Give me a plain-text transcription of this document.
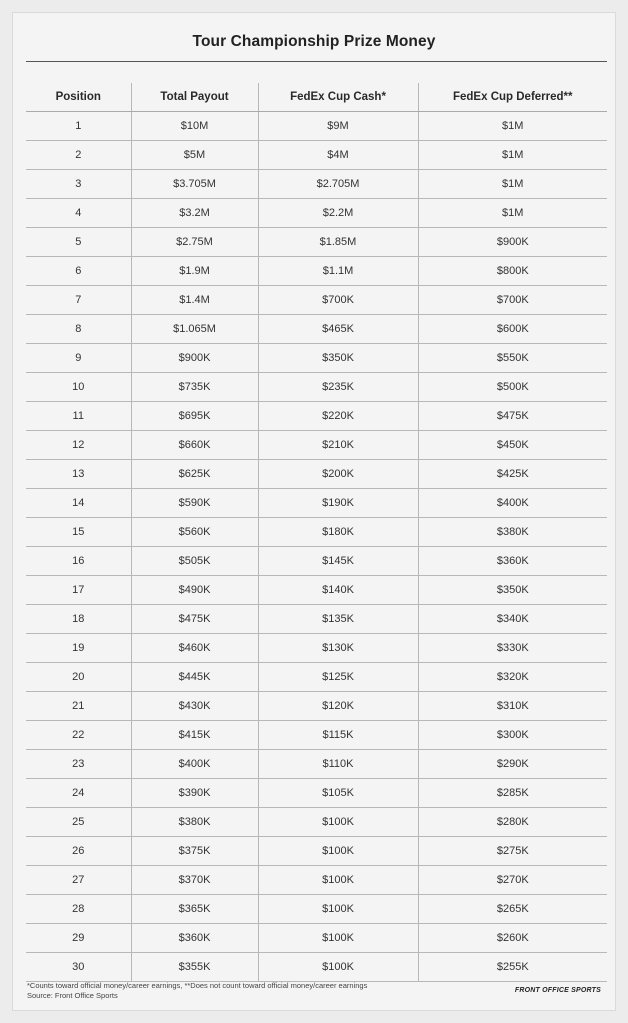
Tour Championship Prize Money
Position	Total Payout	FedEx Cup Cash*	FedEx Cup Deferred**
1	$10M	$9M	$1M
2	$5M	$4M	$1M
3	$3.705M	$2.705M	$1M
4	$3.2M	$2.2M	$1M
5	$2.75M	$1.85M	$900K
6	$1.9M	$1.1M	$800K
7	$1.4M	$700K	$700K
8	$1.065M	$465K	$600K
9	$900K	$350K	$550K
10	$735K	$235K	$500K
11	$695K	$220K	$475K
12	$660K	$210K	$450K
13	$625K	$200K	$425K
14	$590K	$190K	$400K
15	$560K	$180K	$380K
16	$505K	$145K	$360K
17	$490K	$140K	$350K
18	$475K	$135K	$340K
19	$460K	$130K	$330K
20	$445K	$125K	$320K
21	$430K	$120K	$310K
22	$415K	$115K	$300K
23	$400K	$110K	$290K
24	$390K	$105K	$285K
25	$380K	$100K	$280K
26	$375K	$100K	$275K
27	$370K	$100K	$270K
28	$365K	$100K	$265K
29	$360K	$100K	$260K
30	$355K	$100K	$255K
*Counts toward official money/career earnings, **Does not count toward official money/career earnings
Source: Front Office Sports
FRONT OFFICE SPORTS
